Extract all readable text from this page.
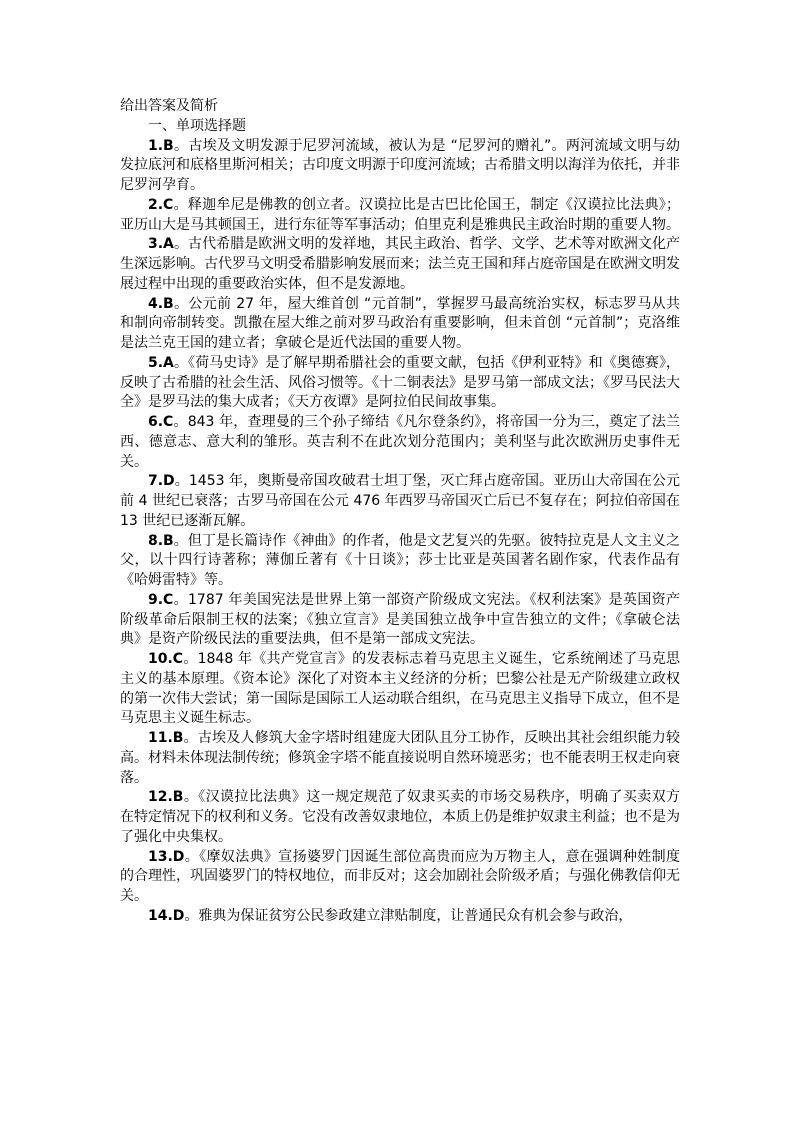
给出答案及简析

一、单项选择题

1.B。古埃及文明发源于尼罗河流域，被认为是 “尼罗河的赠礼”。两河流域文明与幼发拉底河和底格里斯河相关；古印度文明源于印度河流域；古希腊文明以海洋为依托，并非尼罗河孕育。

2.C。释迦牟尼是佛教的创立者。汉谟拉比是古巴比伦国王，制定《汉谟拉比法典》；亚历山大是马其顿国王，进行东征等军事活动；伯里克利是雅典民主政治时期的重要人物。

3.A。古代希腊是欧洲文明的发祥地，其民主政治、哲学、文学、艺术等对欧洲文化产生深远影响。古代罗马文明受希腊影响发展而来；法兰克王国和拜占庭帝国是在欧洲文明发展过程中出现的重要政治实体，但不是发源地。

4.B。公元前 27 年，屋大维首创 “元首制”，掌握罗马最高统治实权，标志罗马从共和制向帝制转变。凯撒在屋大维之前对罗马政治有重要影响，但未首创 “元首制”；克洛维是法兰克王国的建立者；拿破仑是近代法国的重要人物。

5.A。《荷马史诗》是了解早期希腊社会的重要文献，包括《伊利亚特》和《奥德赛》，反映了古希腊的社会生活、风俗习惯等。《十二铜表法》是罗马第一部成文法；《罗马民法大全》是罗马法的集大成者；《天方夜谭》是阿拉伯民间故事集。

6.C。843 年，查理曼的三个孙子缔结《凡尔登条约》，将帝国一分为三，奠定了法兰西、德意志、意大利的雏形。英吉利不在此次划分范围内；美利坚与此次欧洲历史事件无关。

7.D。1453 年，奥斯曼帝国攻破君士坦丁堡，灭亡拜占庭帝国。亚历山大帝国在公元前 4 世纪已衰落；古罗马帝国在公元 476 年西罗马帝国灭亡后已不复存在；阿拉伯帝国在 13 世纪已逐渐瓦解。

8.B。但丁是长篇诗作《神曲》的作者，他是文艺复兴的先驱。彼特拉克是人文主义之父，以十四行诗著称；薄伽丘著有《十日谈》；莎士比亚是英国著名剧作家，代表作品有《哈姆雷特》等。

9.C。1787 年美国宪法是世界上第一部资产阶级成文宪法。《权利法案》是英国资产阶级革命后限制王权的法案；《独立宣言》是美国独立战争中宣告独立的文件；《拿破仑法典》是资产阶级民法的重要法典，但不是第一部成文宪法。

10.C。1848 年《共产党宣言》的发表标志着马克思主义诞生，它系统阐述了马克思主义的基本原理。《资本论》深化了对资本主义经济的分析；巴黎公社是无产阶级建立政权的第一次伟大尝试；第一国际是国际工人运动联合组织，在马克思主义指导下成立，但不是马克思主义诞生标志。

11.B。古埃及人修筑大金字塔时组建庞大团队且分工协作，反映出其社会组织能力较高。材料未体现法制传统；修筑金字塔不能直接说明自然环境恶劣；也不能表明王权走向衰落。

12.B。《汉谟拉比法典》这一规定规范了奴隶买卖的市场交易秩序，明确了买卖双方在特定情况下的权利和义务。它没有改善奴隶地位，本质上仍是维护奴隶主利益；也不是为了强化中央集权。

13.D。《摩奴法典》宣扬婆罗门因诞生部位高贵而应为万物主人，意在强调种姓制度的合理性，巩固婆罗门的特权地位，而非反对；这会加剧社会阶级矛盾；与强化佛教信仰无关。

14.D。雅典为保证贫穷公民参政建立津贴制度，让普通民众有机会参与政治，
